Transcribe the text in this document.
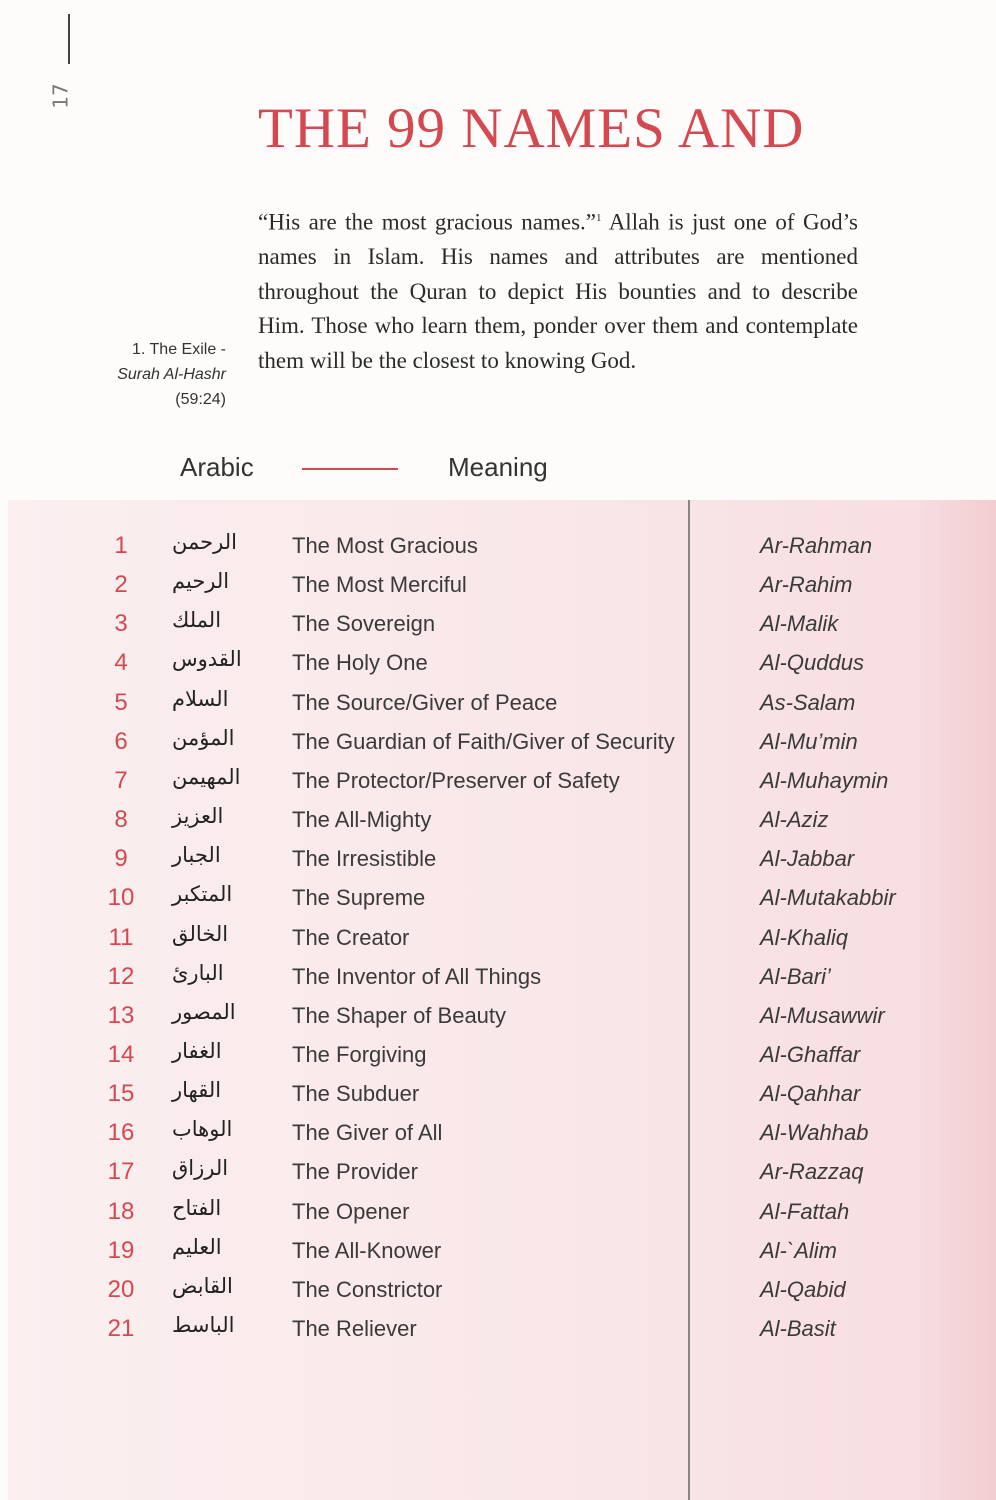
17
THE 99 NAMES AND

“His are the most gracious names.”$^1$ Allah is just one of God’s names in Islam. His names and attributes are mentioned throughout the Quran to depict His bounties and to describe Him. Those who learn them, ponder over them and contemplate them will be the closest to knowing God.

1. The Exile -
Surah Al-Hashr
(59:24)
Arabic	Meaning
1	الرحمن	The Most Gracious	Ar-Rahman
2	الرحيم	The Most Merciful	Ar-Rahim
3	الملك	The Sovereign	Al-Malik
4	القدوس	The Holy One	Al-Quddus
5	السلام	The Source/Giver of Peace	As-Salam
6	المؤمن	The Guardian of Faith/Giver of Security	Al-Mu’min
7	المهيمن	The Protector/Preserver of Safety	Al-Muhaymin
8	العزيز	The All-Mighty	Al-Aziz
9	الجبار	The Irresistible	Al-Jabbar
10	المتكبر	The Supreme	Al-Mutakabbir
11	الخالق	The Creator	Al-Khaliq
12	البارئ	The Inventor of All Things	Al-Bari’
13	المصور	The Shaper of Beauty	Al-Musawwir
14	الغفار	The Forgiving	Al-Ghaffar
15	القهار	The Subduer	Al-Qahhar
16	الوهاب	The Giver of All	Al-Wahhab
17	الرزاق	The Provider	Ar-Razzaq
18	الفتاح	The Opener	Al-Fattah
19	العليم	The All-Knower	Al-`Alim
20	القابض	The Constrictor	Al-Qabid
21	الباسط	The Reliever	Al-Basit
